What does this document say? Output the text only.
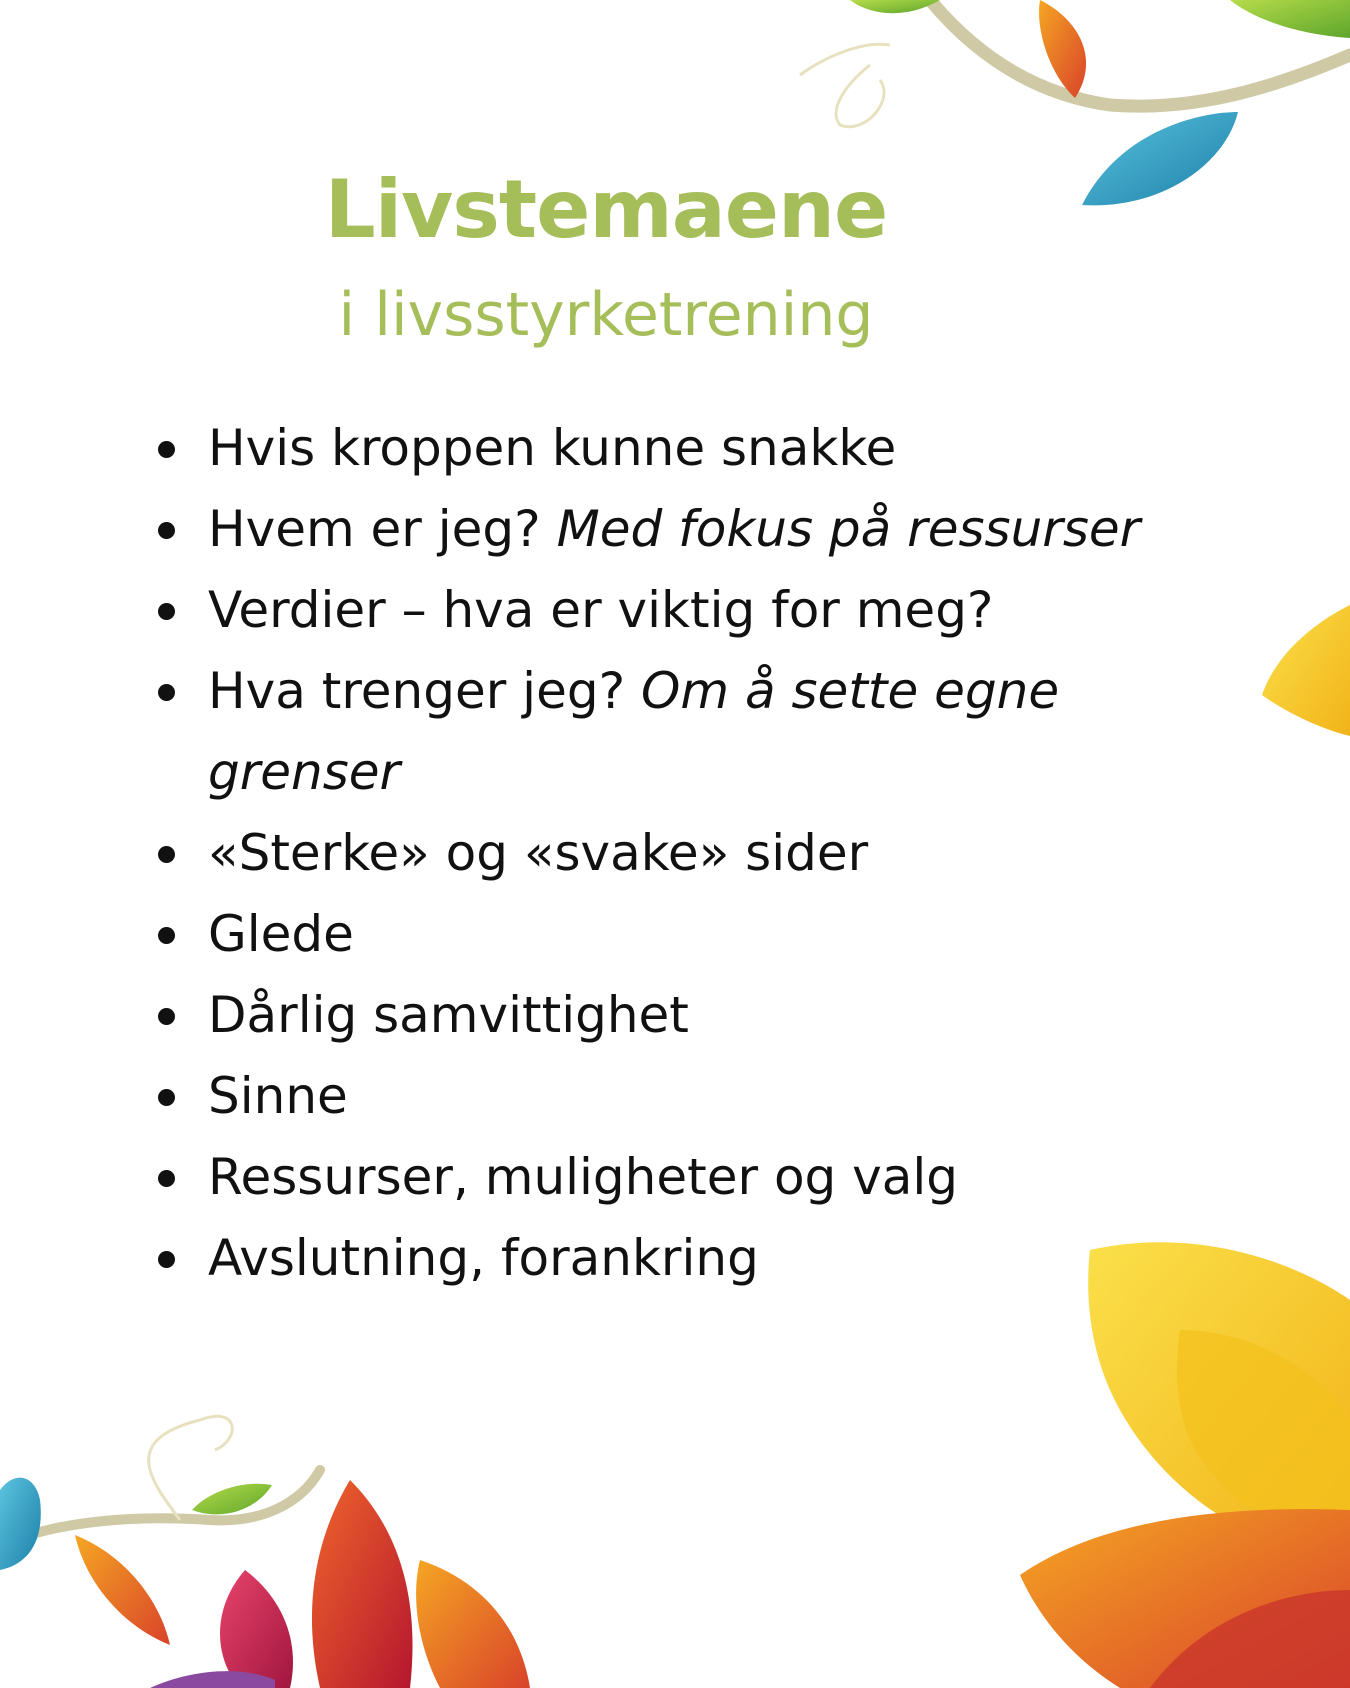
Livstemaene
i livsstyrketrening
Hvis kroppen kunne snakke
Hvem er jeg? Med fokus på ressurser
Verdier – hva er viktig for meg?
Hva trenger jeg? Om å sette egne grenser
«Sterke» og «svake» sider
Glede
Dårlig samvittighet
Sinne
Ressurser, muligheter og valg
Avslutning, forankring
